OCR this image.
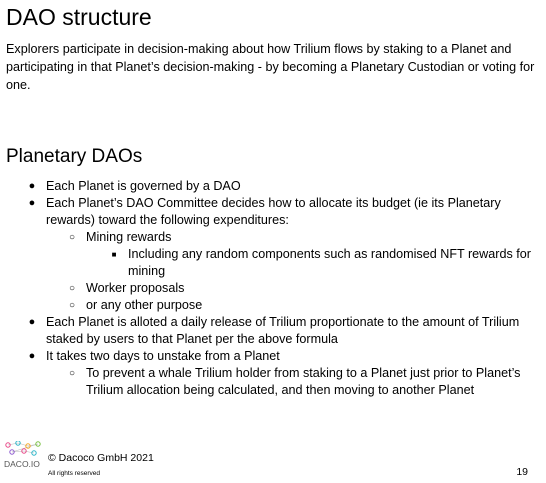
DAO structure

Explorers participate in decision-making about how Trilium flows by staking to a Planet and participating in that Planet’s decision-making - by becoming a Planetary Custodian or voting for one.

Planetary DAOs
● Each Planet is governed by a DAO
● Each Planet’s DAO Committee decides how to allocate its budget (ie its Planetary rewards) toward the following expenditures:
○ Mining rewards
■ Including any random components such as randomised NFT rewards for mining
○ Worker proposals
○ or any other purpose
● Each Planet is alloted a daily release of Trilium proportionate to the amount of Trilium staked by users to that Planet per the above formula
● It takes two days to unstake from a Planet
○ To prevent a whale Trilium holder from staking to a Planet just prior to Planet’s Trilium allocation being calculated, and then moving to another Planet
DACO.IO © Dacoco GmbH 2021
All rights reserved	19
